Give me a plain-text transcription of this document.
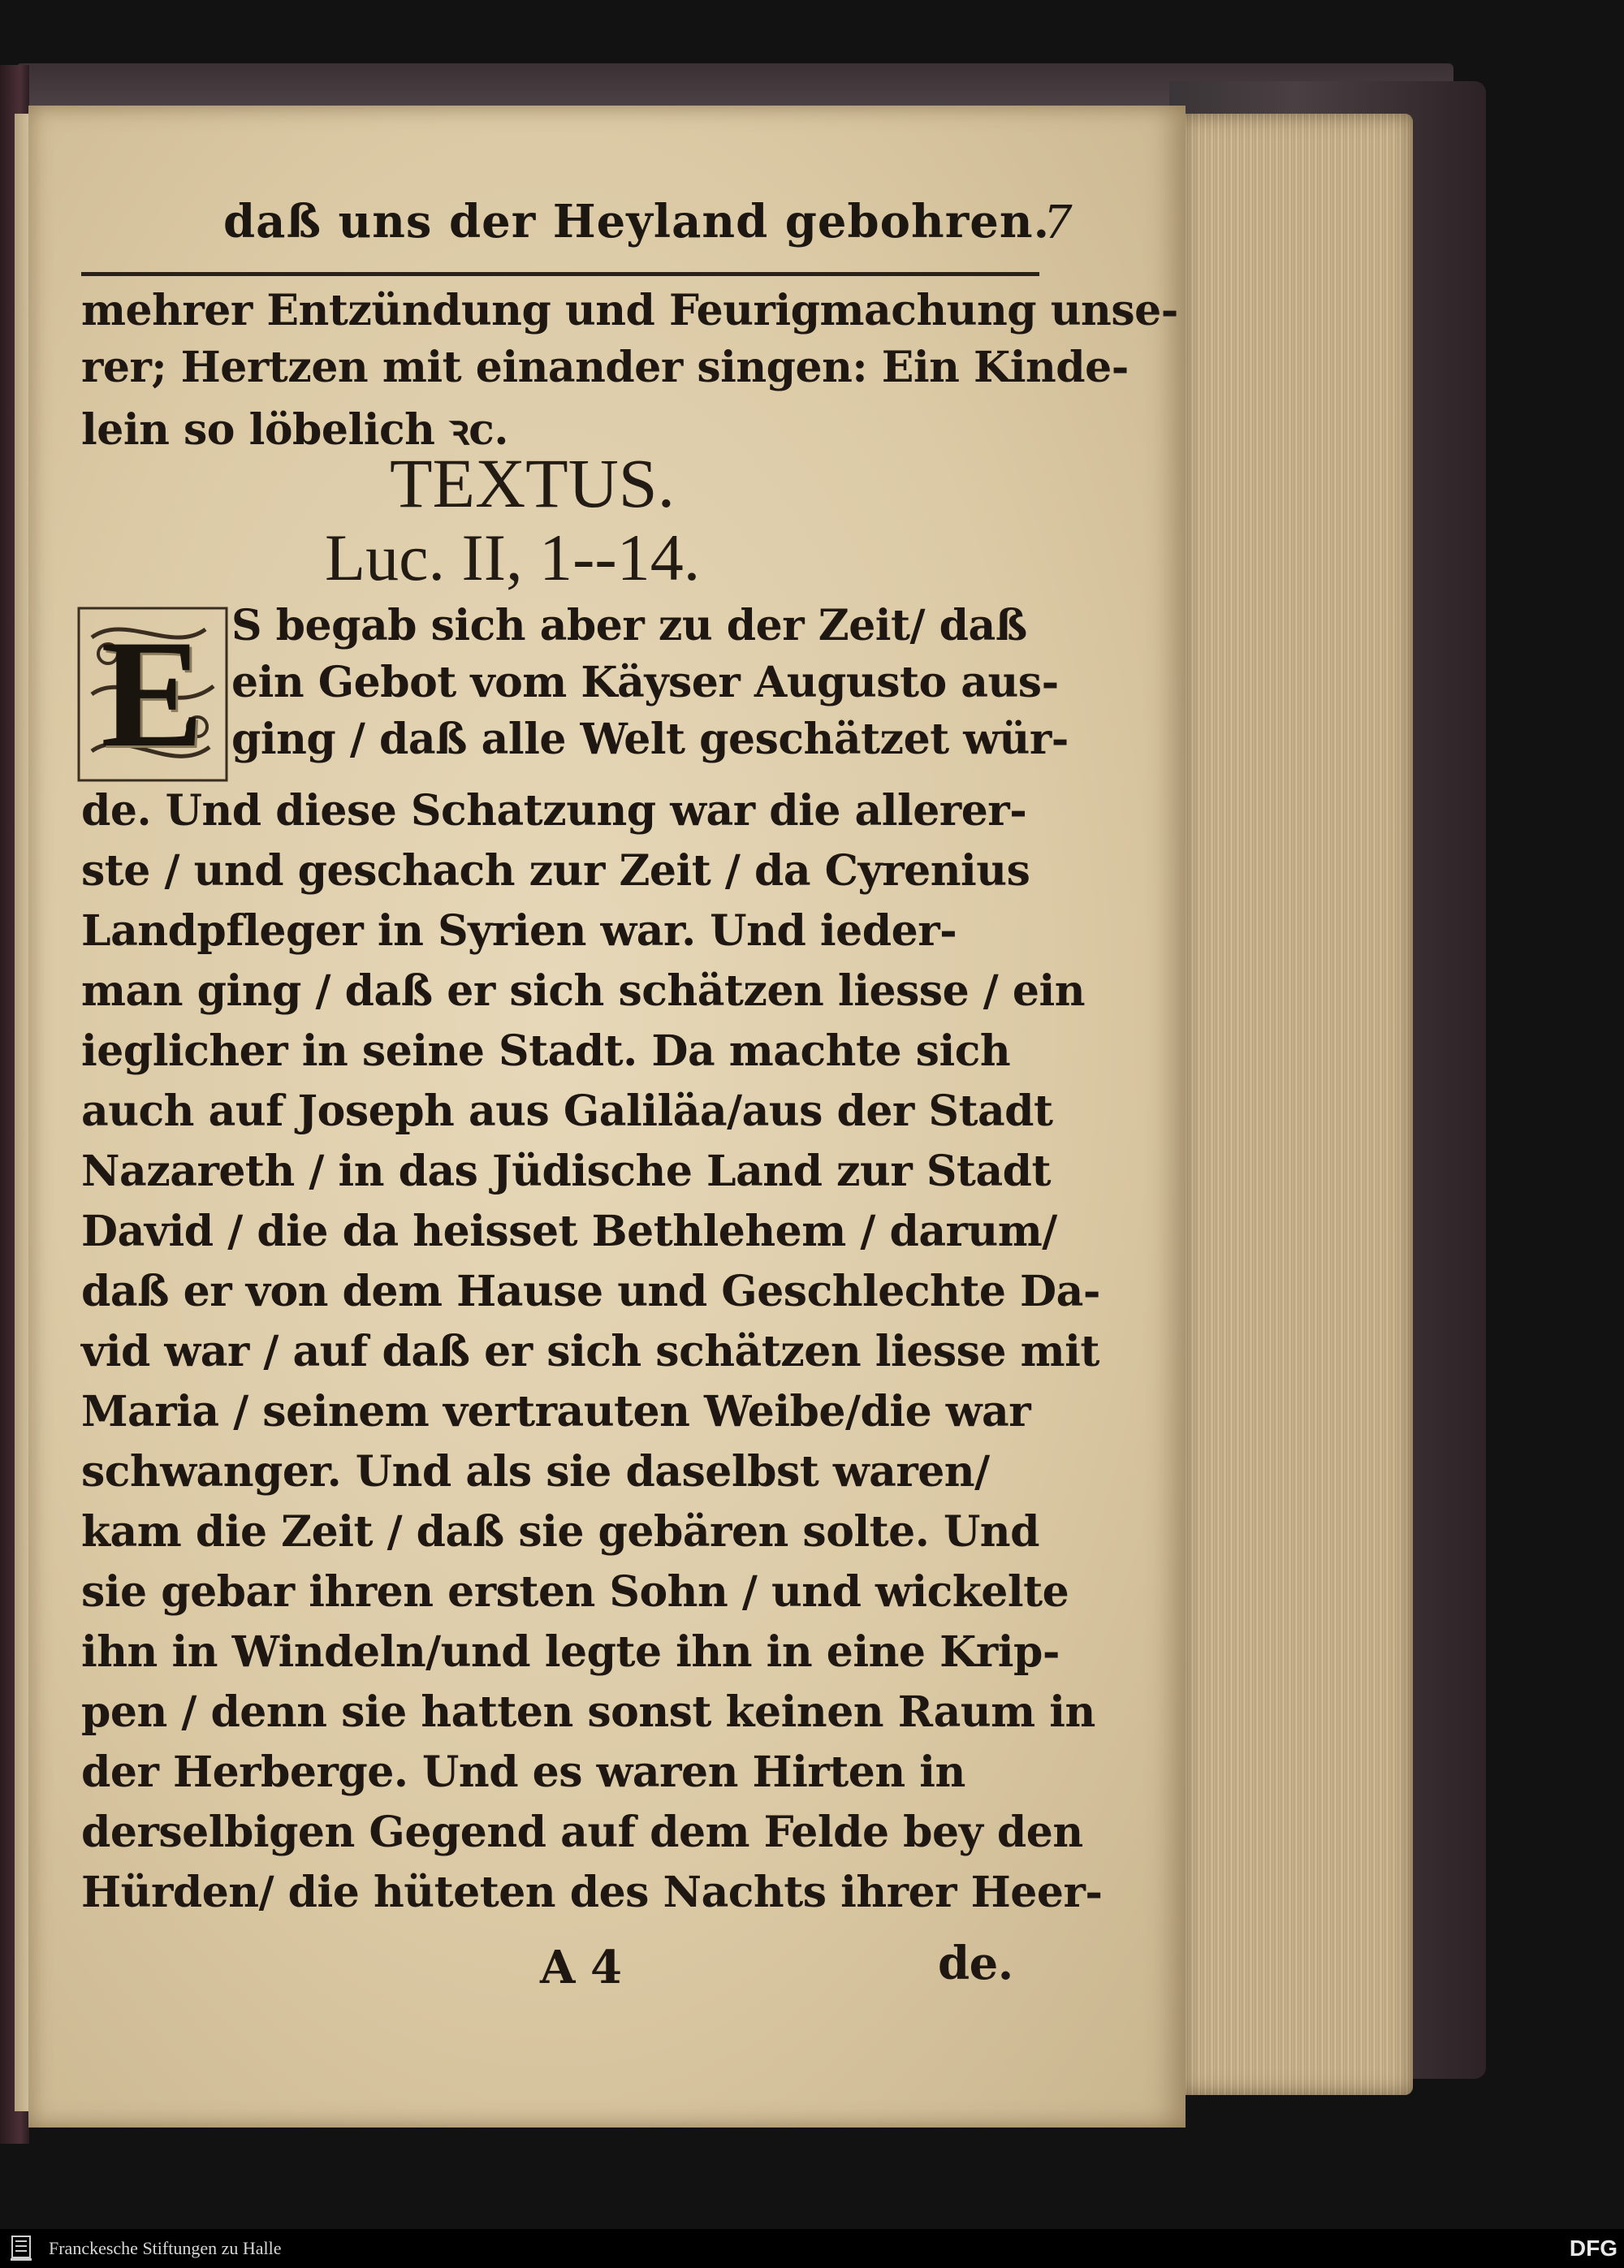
daß uns der Heyland gebohren.
7
mehrer Entzündung und Feurigmachung unse-
rer; Hertzen mit einander singen: Ein Kinde-
lein so löbelich ꝛc.
TEXTUS.
Luc. II, 1--14.
E S begab sich aber zu der Zeit/ daß
ein Gebot vom Käyser Augusto aus-
ging / daß alle Welt geschätzet wür-
de. Und diese Schatzung war die allerer-
ste / und geschach zur Zeit / da Cyrenius
Landpfleger in Syrien war. Und ieder-
man ging / daß er sich schätzen liesse / ein
ieglicher in seine Stadt. Da machte sich
auch auf Joseph aus Galiläa/aus der Stadt
Nazareth / in das Jüdische Land zur Stadt
David / die da heisset Bethlehem / darum/
daß er von dem Hause und Geschlechte Da-
vid war / auf daß er sich schätzen liesse mit
Maria / seinem vertrauten Weibe/die war
schwanger. Und als sie daselbst waren/
kam die Zeit / daß sie gebären solte. Und
sie gebar ihren ersten Sohn / und wickelte
ihn in Windeln/und legte ihn in eine Krip-
pen / denn sie hatten sonst keinen Raum in
der Herberge. Und es waren Hirten in
derselbigen Gegend auf dem Felde bey den
Hürden/ die hüteten des Nachts ihrer Heer-
A 4	de.
Franckesche Stiftungen zu Halle	DFG
